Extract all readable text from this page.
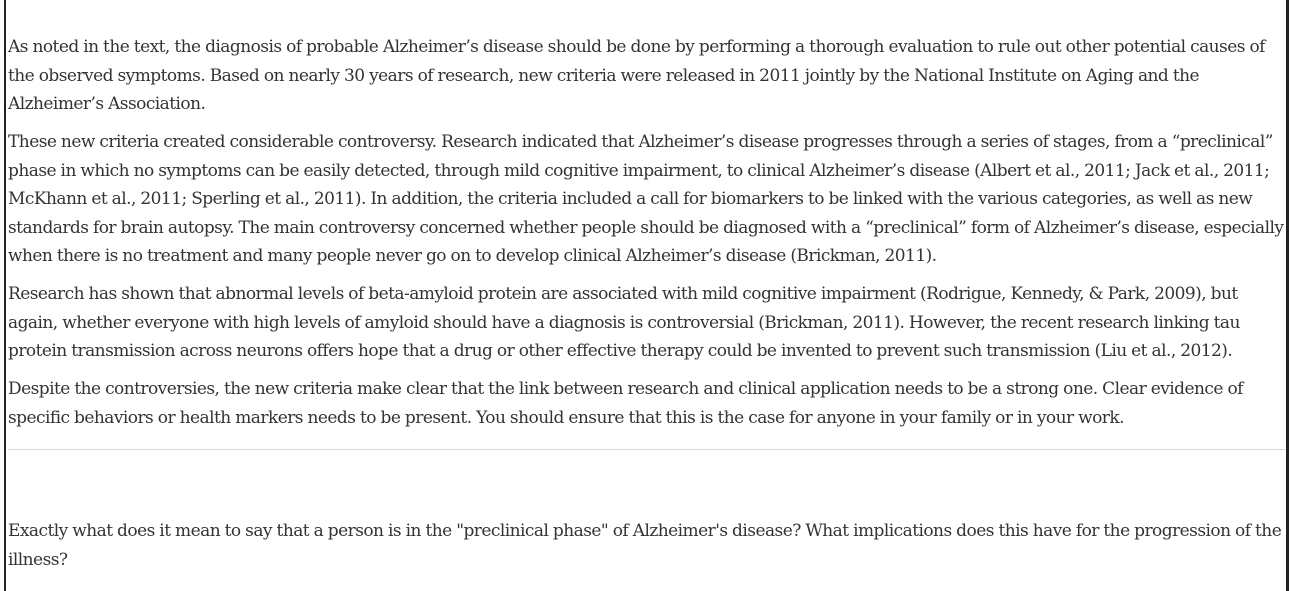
As noted in the text, the diagnosis of probable Alzheimer’s disease should be done by performing a thorough evaluation to rule out other potential causes of the observed symptoms. Based on nearly 30 years of research, new criteria were released in 2011 jointly by the National Institute on Aging and the Alzheimer’s Association.

These new criteria created considerable controversy. Research indicated that Alzheimer’s disease progresses through a series of stages, from a “preclinical” phase in which no symptoms can be easily detected, through mild cognitive impairment, to clinical Alzheimer’s disease (Albert et al., 2011; Jack et al., 2011; McKhann et al., 2011; Sperling et al., 2011). In addition, the criteria included a call for biomarkers to be linked with the various categories, as well as new standards for brain autopsy. The main controversy concerned whether people should be diagnosed with a “preclinical” form of Alzheimer’s disease, especially when there is no treatment and many people never go on to develop clinical Alzheimer’s disease (Brickman, 2011).

Research has shown that abnormal levels of beta-amyloid protein are associated with mild cognitive impairment (Rodrigue, Kennedy, & Park, 2009), but again, whether everyone with high levels of amyloid should have a diagnosis is controversial (Brickman, 2011). However, the recent research linking tau protein transmission across neurons offers hope that a drug or other effective therapy could be invented to prevent such transmission (Liu et al., 2012).

Despite the controversies, the new criteria make clear that the link between research and clinical application needs to be a strong one. Clear evidence of specific behaviors or health markers needs to be present. You should ensure that this is the case for anyone in your family or in your work.

Exactly what does it mean to say that a person is in the "preclinical phase" of Alzheimer's disease? What implications does this have for the progression of the illness?
